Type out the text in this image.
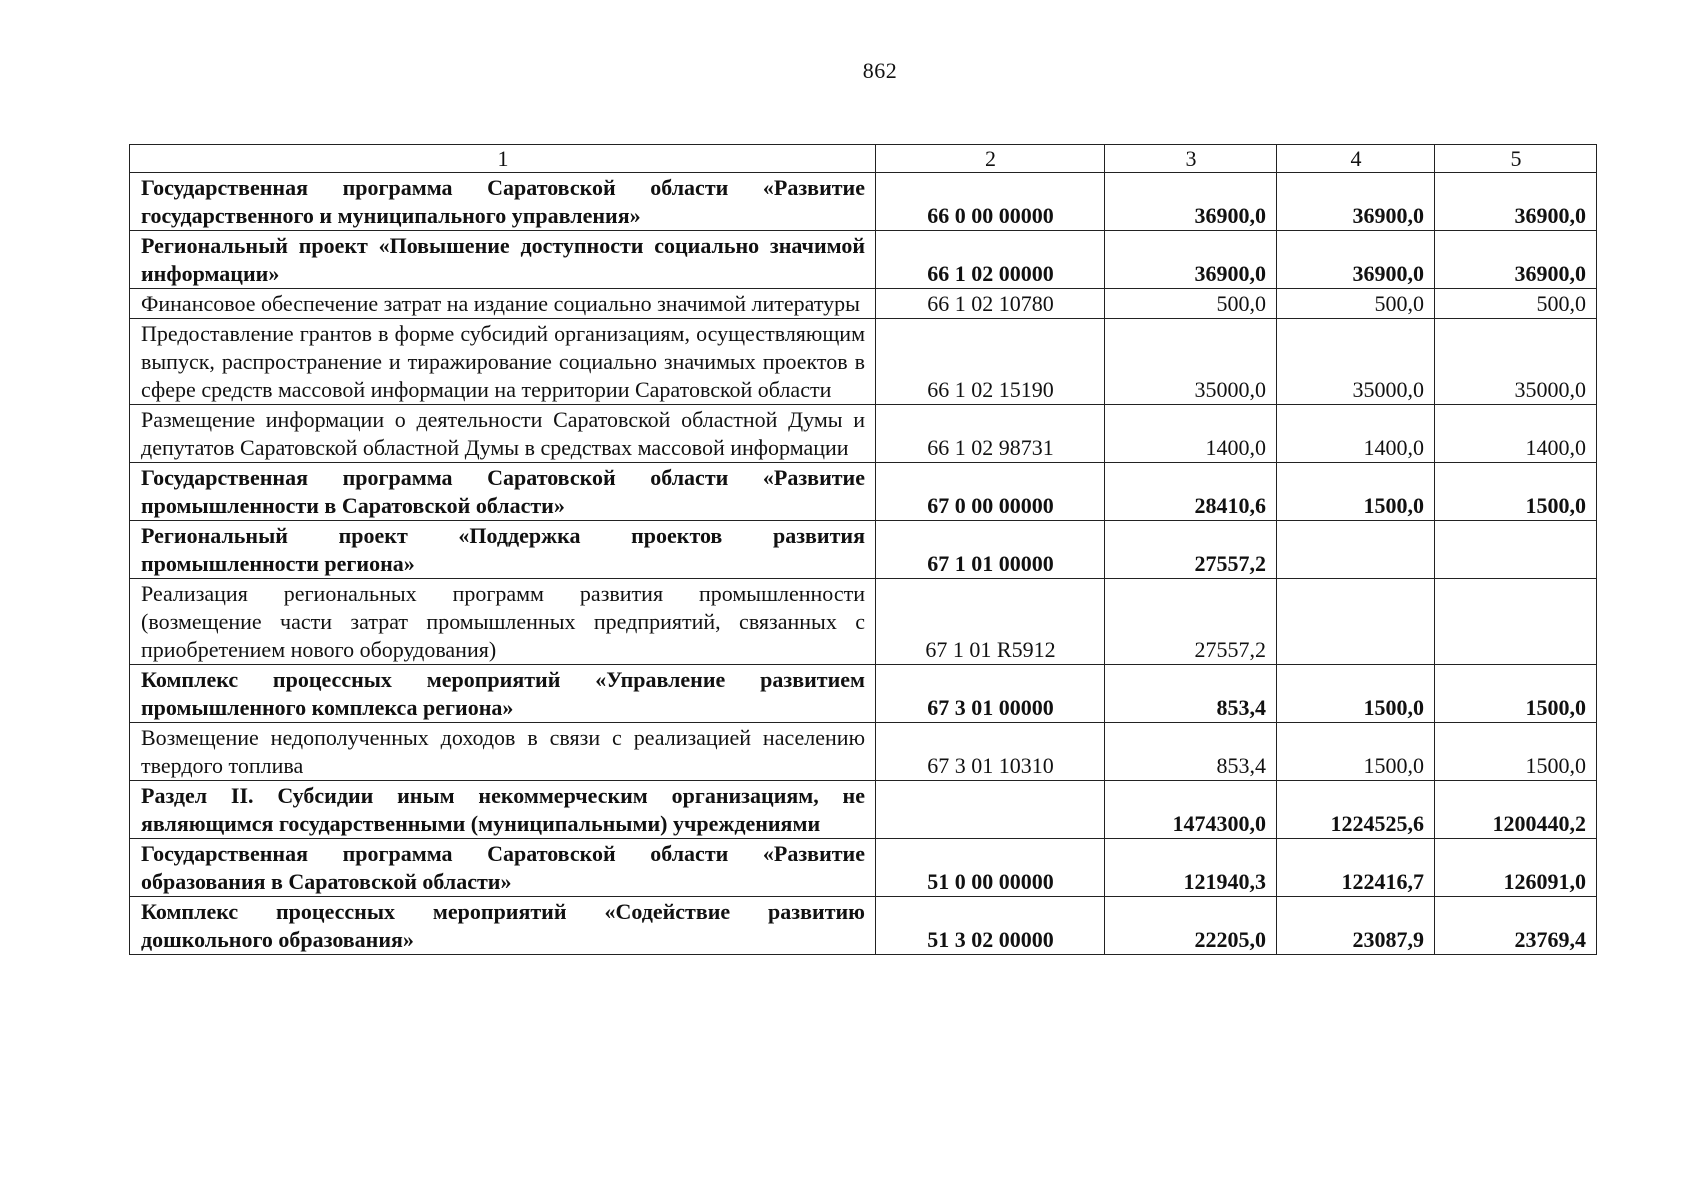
862
1	2	3	4	5
Государственная программа Саратовской области «Развитие государственного и муниципального управления»	66 0 00 00000	36900,0	36900,0	36900,0
Региональный проект «Повышение доступности социально значимой информации»	66 1 02 00000	36900,0	36900,0	36900,0
Финансовое обеспечение затрат на издание социально значимой литературы	66 1 02 10780	500,0	500,0	500,0
Предоставление грантов в форме субсидий организациям, осуществляющим выпуск, распространение и тиражирование социально значимых проектов в сфере средств массовой информации на территории Саратовской области	66 1 02 15190	35000,0	35000,0	35000,0
Размещение информации о деятельности Саратовской областной Думы и депутатов Саратовской областной Думы в средствах массовой информации	66 1 02 98731	1400,0	1400,0	1400,0
Государственная программа Саратовской области «Развитие промышленности в Саратовской области»	67 0 00 00000	28410,6	1500,0	1500,0
Региональный проект «Поддержка проектов развития промышленности региона»	67 1 01 00000	27557,2		
Реализация региональных программ развития промышленности (возмещение части затрат промышленных предприятий, связанных с приобретением нового оборудования)	67 1 01 R5912	27557,2		
Комплекс процессных мероприятий «Управление развитием промышленного комплекса региона»	67 3 01 00000	853,4	1500,0	1500,0
Возмещение недополученных доходов в связи с реализацией населению твердого топлива	67 3 01 10310	853,4	1500,0	1500,0
Раздел II. Субсидии иным некоммерческим организациям, не являющимся государственными (муниципальными) учреждениями		1474300,0	1224525,6	1200440,2
Государственная программа Саратовской области «Развитие образования в Саратовской области»	51 0 00 00000	121940,3	122416,7	126091,0
Комплекс процессных мероприятий «Содействие развитию дошкольного образования»	51 3 02 00000	22205,0	23087,9	23769,4
